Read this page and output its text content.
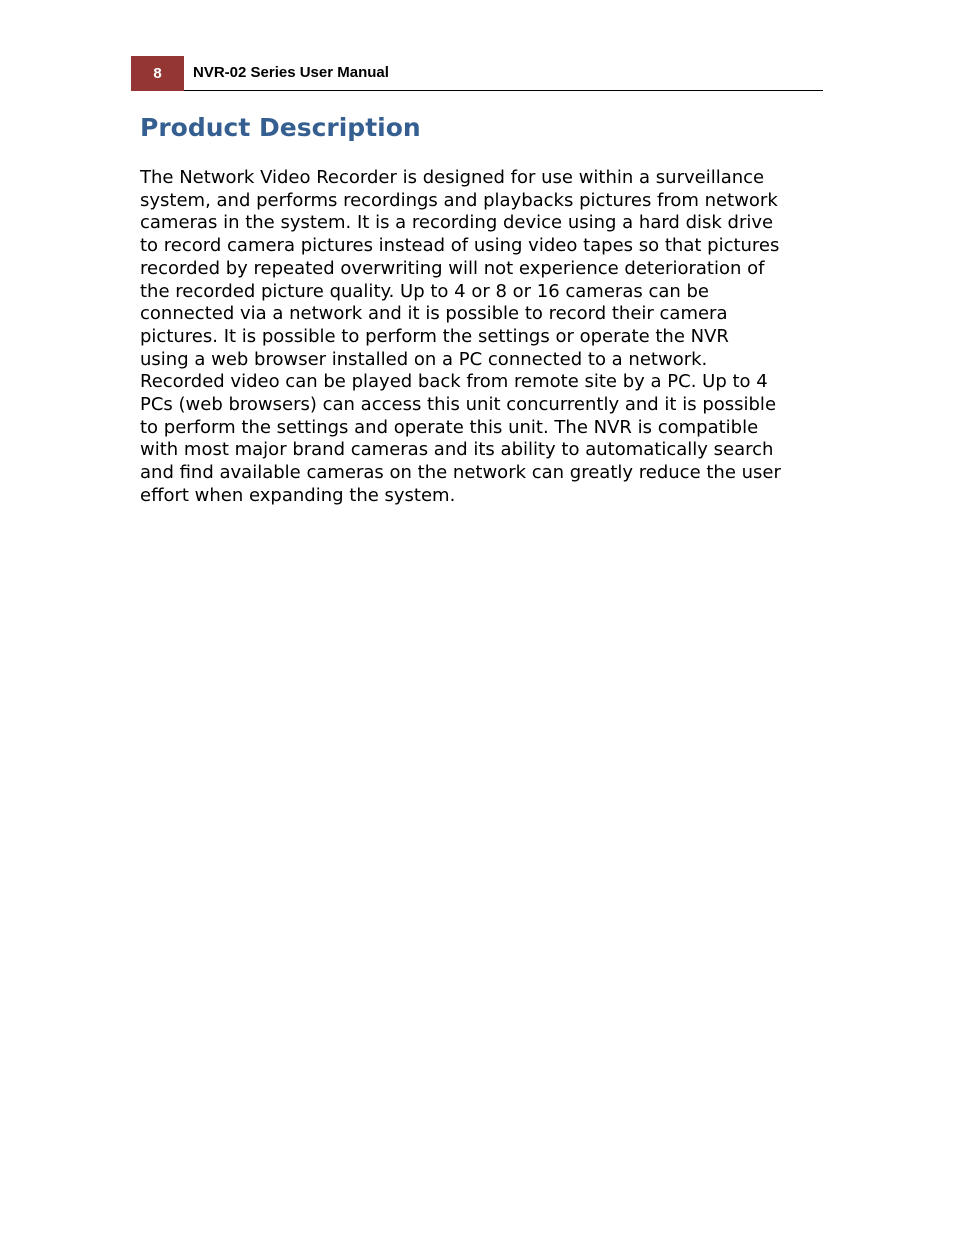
8	NVR-02 Series User Manual
Product Description

The Network Video Recorder is designed for use within a surveillance
system, and performs recordings and playbacks pictures from network
cameras in the system. It is a recording device using a hard disk drive
to record camera pictures instead of using video tapes so that pictures
recorded by repeated overwriting will not experience deterioration of
the recorded picture quality. Up to 4 or 8 or 16 cameras can be
connected via a network and it is possible to record their camera
pictures. It is possible to perform the settings or operate the NVR
using a web browser installed on a PC connected to a network.
Recorded video can be played back from remote site by a PC. Up to 4
PCs (web browsers) can access this unit concurrently and it is possible
to perform the settings and operate this unit. The NVR is compatible
with most major brand cameras and its ability to automatically search
and find available cameras on the network can greatly reduce the user
effort when expanding the system.
